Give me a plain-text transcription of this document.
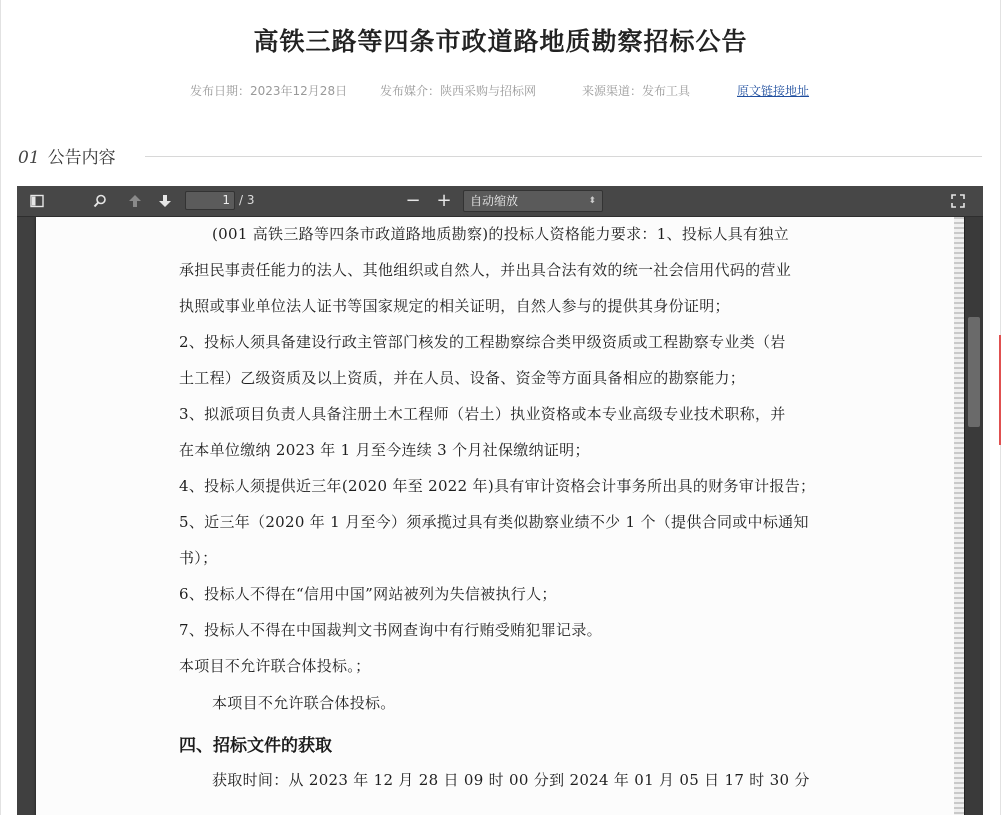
高铁三路等四条市政道路地质勘察招标公告
发布日期：2023年12月28日	发布媒介：陕西采购与招标网	来源渠道：发布工具	原文链接地址
01 公告内容
1 / 3	− +	自动缩放	⬍
(001 高铁三路等四条市政道路地质勘察)的投标人资格能力要求：1、投标人具有独立
承担民事责任能力的法人、其他组织或自然人，并出具合法有效的统一社会信用代码的营业
执照或事业单位法人证书等国家规定的相关证明，自然人参与的提供其身份证明；
2、投标人须具备建设行政主管部门核发的工程勘察综合类甲级资质或工程勘察专业类（岩
土工程）乙级资质及以上资质，并在人员、设备、资金等方面具备相应的勘察能力；
3、拟派项目负责人具备注册土木工程师（岩土）执业资格或本专业高级专业技术职称，并
在本单位缴纳 2023 年 1 月至今连续 3 个月社保缴纳证明；
4、投标人须提供近三年(2020 年至 2022 年)具有审计资格会计事务所出具的财务审计报告；
5、近三年（2020 年 1 月至今）须承揽过具有类似勘察业绩不少 1 个（提供合同或中标通知
书）；
6、投标人不得在“信用中国”网站被列为失信被执行人；
7、投标人不得在中国裁判文书网查询中有行贿受贿犯罪记录。
本项目不允许联合体投标。；
本项目不允许联合体投标。
四、招标文件的获取
获取时间：从 2023 年 12 月 28 日 09 时 00 分到 2024 年 01 月 05 日 17 时 30 分
